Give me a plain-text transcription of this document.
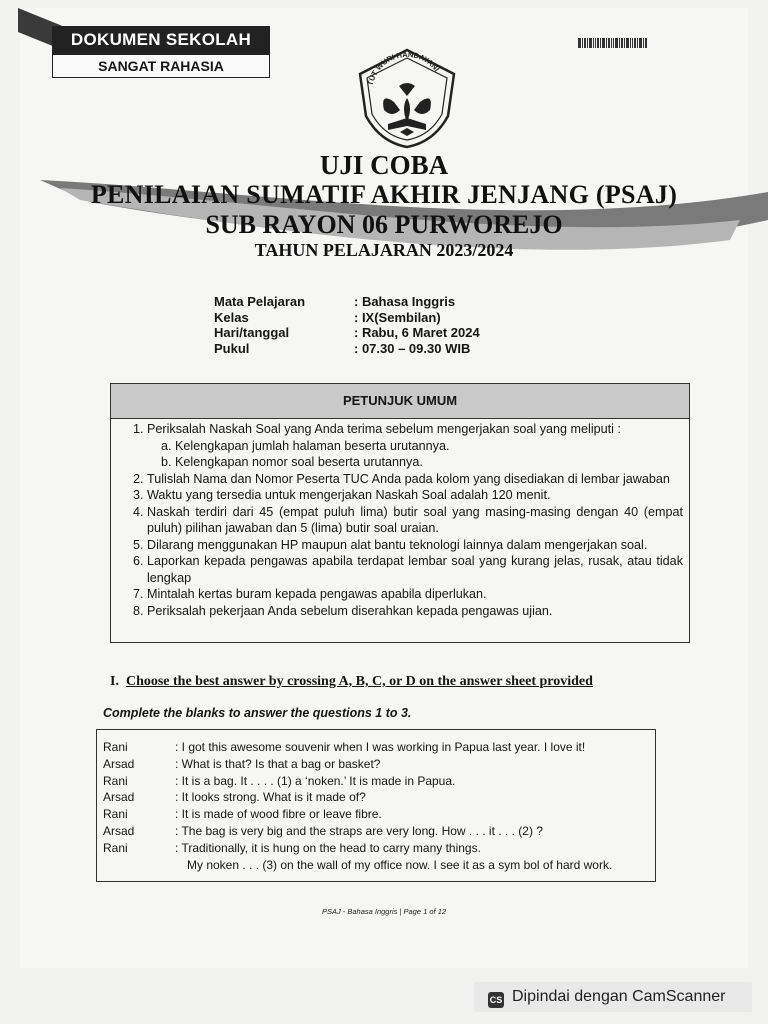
DOKUMEN SEKOLAH
SANGAT RAHASIA
TUT WURI HANDAYANI
UJI COBA
PENILAIAN SUMATIF AKHIR JENJANG (PSAJ)
SUB RAYON 06 PURWOREJO
TAHUN PELAJARAN 2023/2024
Mata Pelajaran	: Bahasa Inggris
Kelas	: IX(Sembilan)
Hari/tanggal	: Rabu, 6 Maret 2024
Pukul	: 07.30 – 09.30 WIB
PETUNJUK UMUM
1. Periksalah Naskah Soal yang Anda terima sebelum mengerjakan soal yang meliputi :
a. Kelengkapan jumlah halaman beserta urutannya.
b. Kelengkapan nomor soal beserta urutannya.
2. Tulislah Nama dan Nomor Peserta TUC Anda pada kolom yang disediakan di lembar jawaban
3. Waktu yang tersedia untuk mengerjakan Naskah Soal adalah 120 menit.
4. Naskah terdiri dari 45 (empat puluh lima) butir soal yang masing-masing dengan 40 (empat puluh) pilihan jawaban dan 5 (lima) butir soal uraian.
5. Dilarang menggunakan HP maupun alat bantu teknologi lainnya dalam mengerjakan soal.
6. Laporkan kepada pengawas apabila terdapat lembar soal yang kurang jelas, rusak, atau tidak lengkap
7. Mintalah kertas buram kepada pengawas apabila diperlukan.
8. Periksalah pekerjaan Anda sebelum diserahkan kepada pengawas ujian.
I. Choose the best answer by crossing A, B, C, or D on the answer sheet provided
Complete the blanks to answer the questions 1 to 3.
Rani	: I got this awesome souvenir when I was working in Papua last year. I love it!
Arsad	: What is that? Is that a bag or basket?
Rani	: It is a bag. It . . . . (1) a ‘noken.’ It is made in Papua.
Arsad	: It looks strong. What is it made of?
Rani	: It is made of wood fibre or leave fibre.
Arsad	: The bag is very big and the straps are very long. How . . . it . . . (2) ?
Rani	: Traditionally, it is hung on the head to carry many things.
My noken . . . (3) on the wall of my office now. I see it as a sym bol of hard work.
PSAJ - Bahasa Inggris | Page 1 of 12
CS Dipindai dengan CamScanner
